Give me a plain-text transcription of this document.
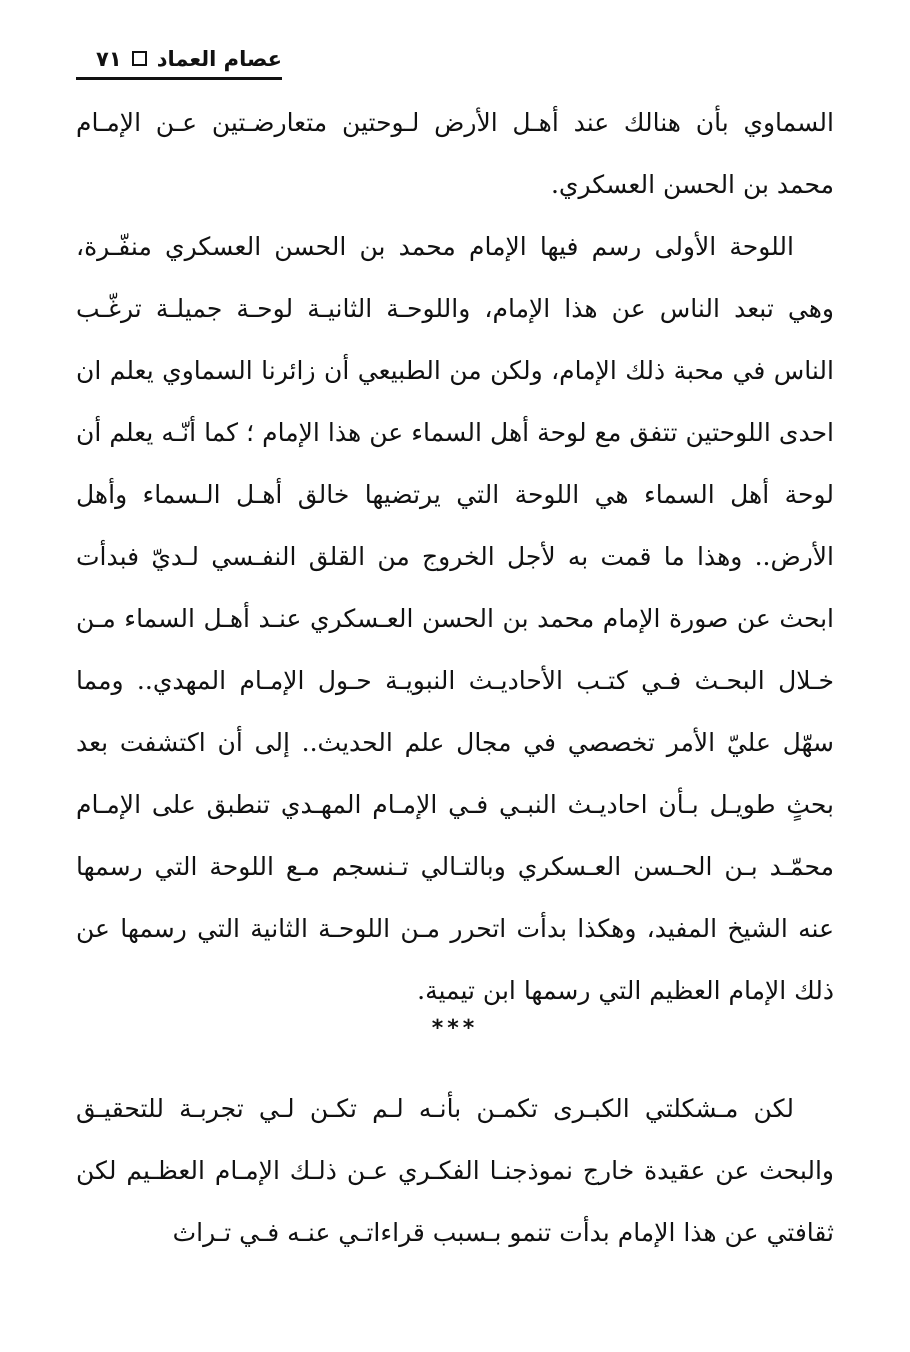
عصام العماد
٧١

السماوي بأن هنالك عند أهـل الأرض لـوحتين متعارضـتين عـن الإمـام محمد بن الحسن العسكري.

اللوحة الأولى رسم فيها الإمام محمد بن الحسن العسكري منفّـرة، وهي تبعد الناس عن هذا الإمام، واللوحـة الثانيـة لوحـة جميلـة ترغّـب الناس في محبة ذلك الإمام، ولكن من الطبيعي أن زائرنا السماوي يعلم ان احدى اللوحتين تتفق مع لوحة أهل السماء عن هذا الإمام ؛ كما أنّـه يعلم أن لوحة أهل السماء هي اللوحة التي يرتضيها خالق أهـل الـسماء وأهل الأرض.. وهذا ما قمت به لأجل الخروج من القلق النفـسي لـديّ فبدأت ابحث عن صورة الإمام محمد بن الحسن العـسكري عنـد أهـل السماء مـن خـلال البحـث فـي كتـب الأحاديـث النبويـة حـول الإمـام المهدي.. ومما سهّل عليّ الأمر تخصصي في مجال علم الحديث.. إلى أن اكتشفت بعد بحثٍ طويـل بـأن احاديـث النبـي فـي الإمـام المهـدي تنطبق على الإمـام محمّـد بـن الحـسن العـسكري وبالتـالي تـنسجم مـع اللوحة التي رسمها عنه الشيخ المفيد، وهكذا بدأت اتحرر مـن اللوحـة الثانية التي رسمها عن ذلك الإمام العظيم التي رسمها ابن تيمية.

***

لكن مـشكلتي الكبـرى تكمـن بأنـه لـم تكـن لـي تجربـة للتحقيـق والبحث عن عقيدة خارج نموذجنـا الفكـري عـن ذلـك الإمـام العظـيم لكن ثقافتي عن هذا الإمام بدأت تنمو بـسبب قراءاتـي عنـه فـي تـراث
